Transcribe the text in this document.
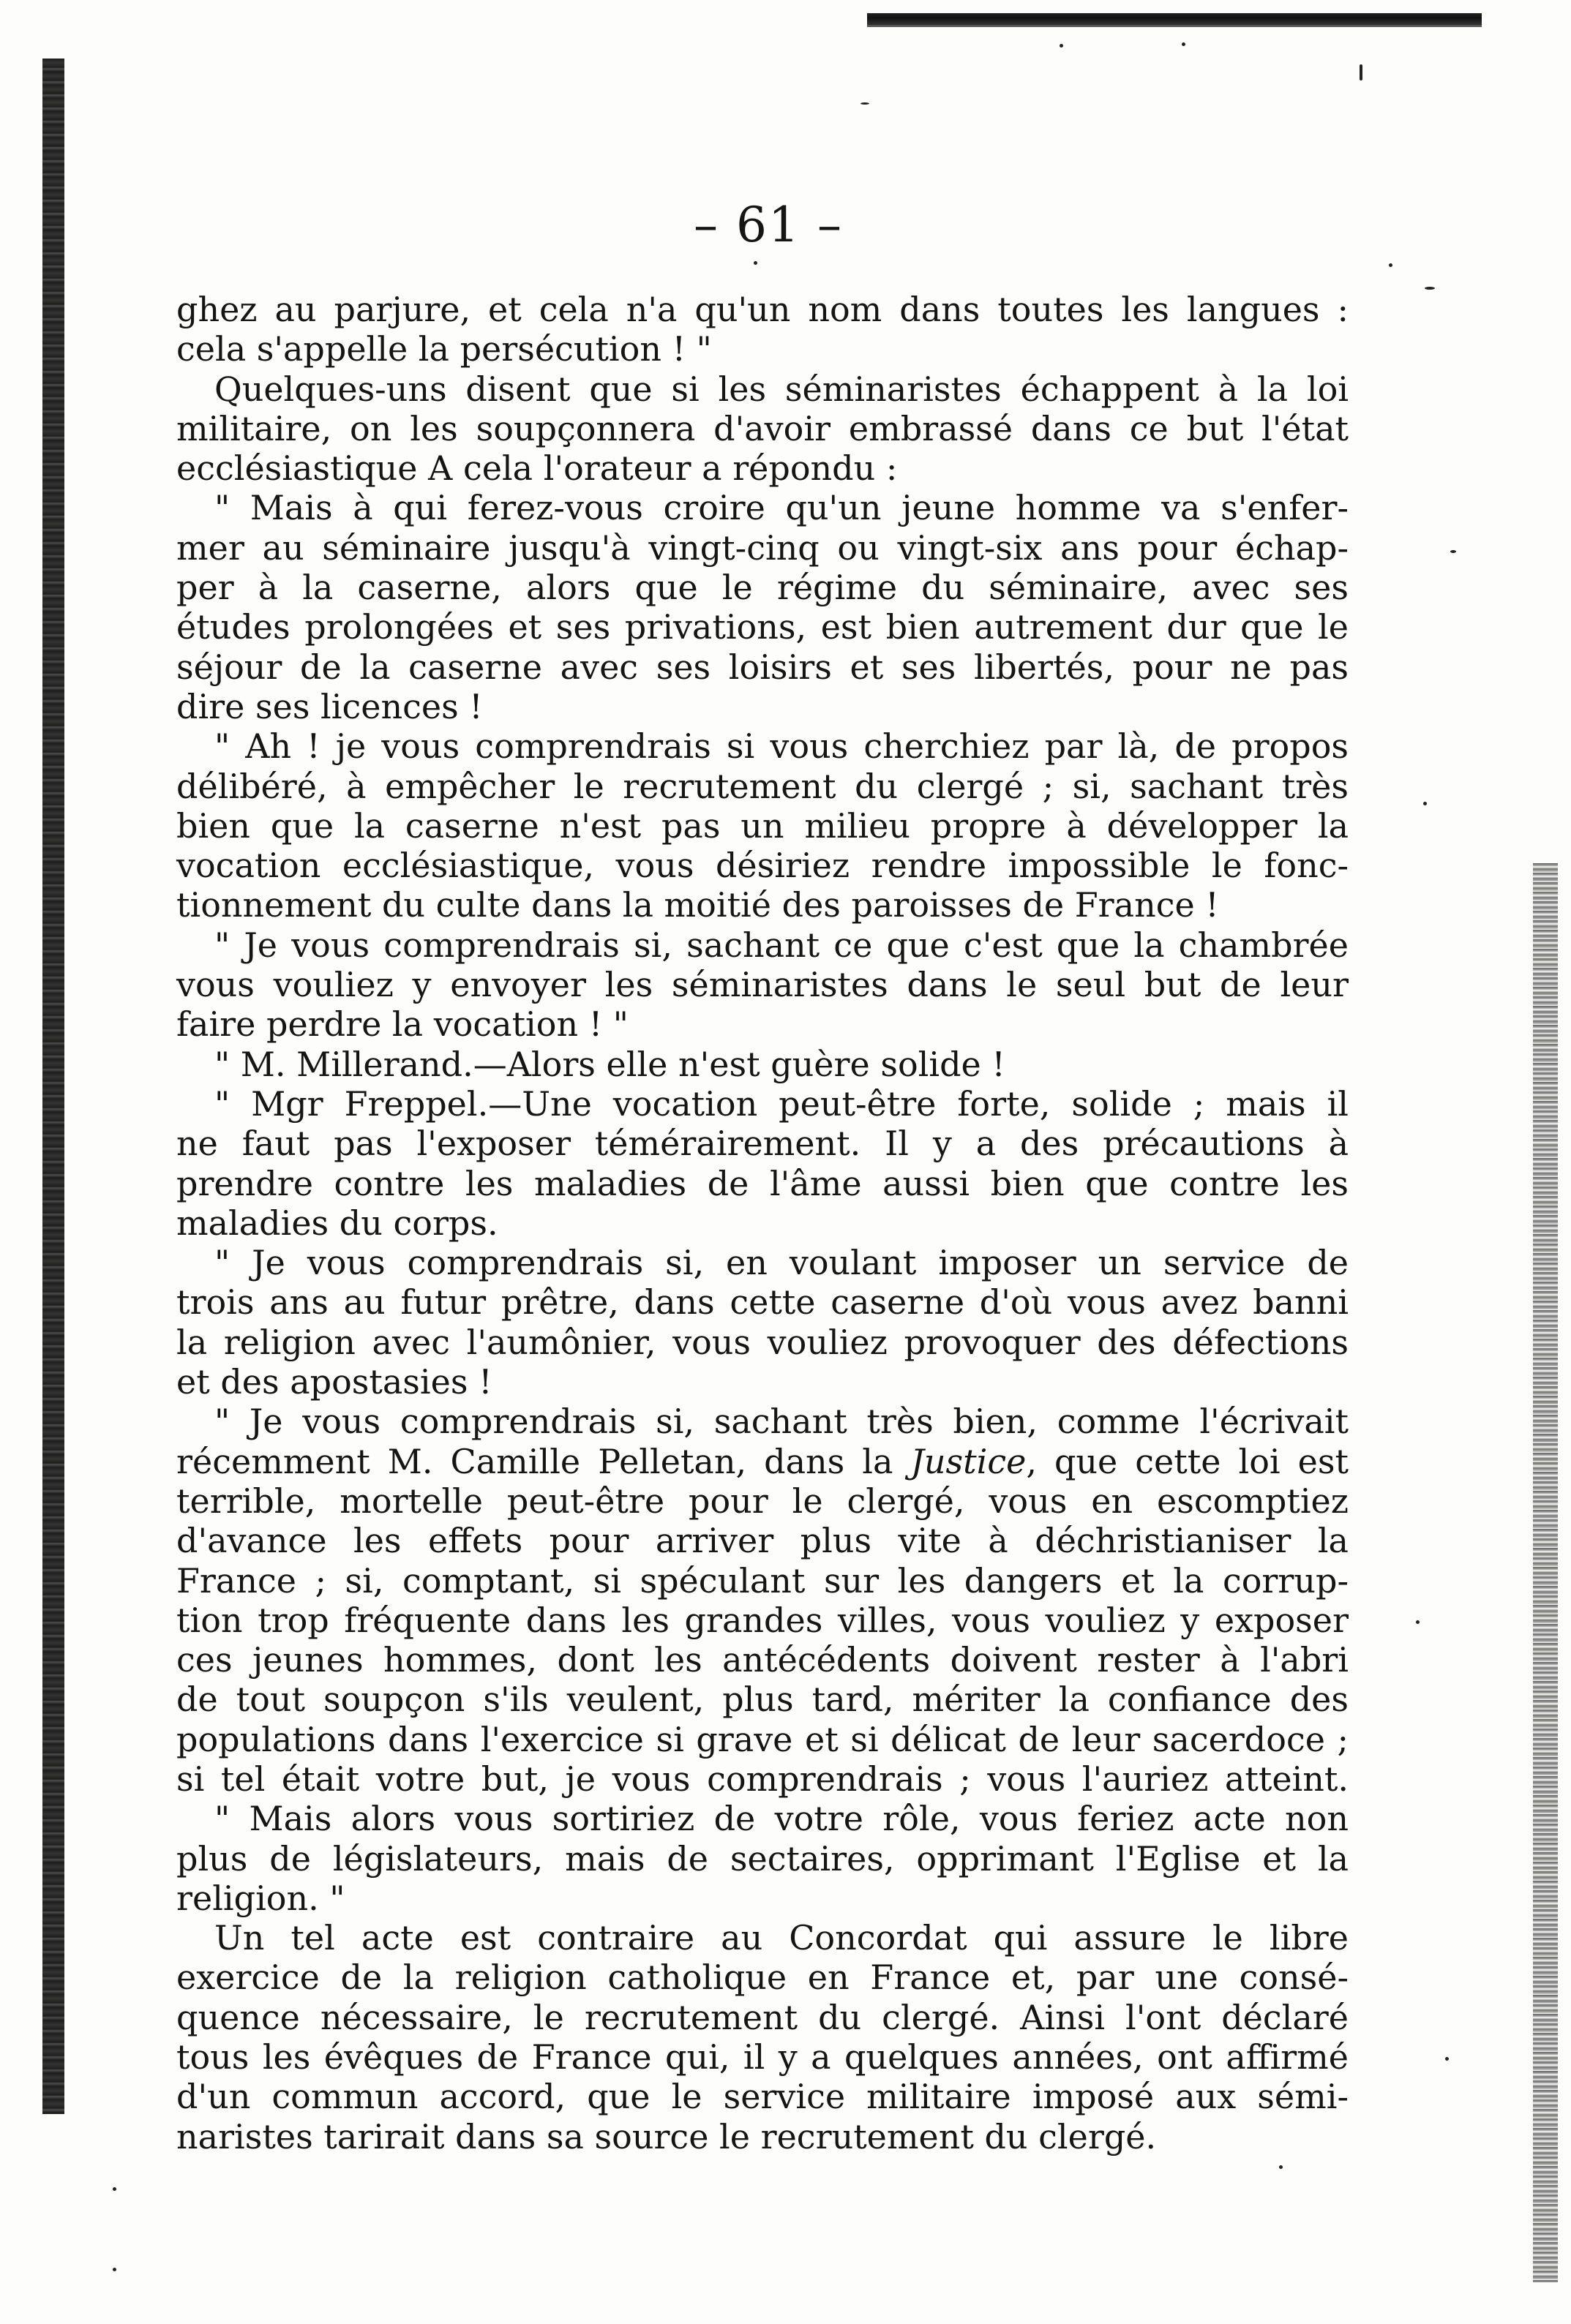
– 61 –
ghez au parjure, et cela n'a qu'un nom dans toutes les langues :
cela s'appelle la persécution ! "
Quelques-uns disent que si les séminaristes échappent à la loi
militaire, on les soupçonnera d'avoir embrassé dans ce but l'état
ecclésiastique A cela l'orateur a répondu :
" Mais à qui ferez-vous croire qu'un jeune homme va s'enfer-
mer au séminaire jusqu'à vingt-cinq ou vingt-six ans pour échap-
per à la caserne, alors que le régime du séminaire, avec ses
études prolongées et ses privations, est bien autrement dur que le
séjour de la caserne avec ses loisirs et ses libertés, pour ne pas
dire ses licences !
" Ah ! je vous comprendrais si vous cherchiez par là, de propos
délibéré, à empêcher le recrutement du clergé ; si, sachant très
bien que la caserne n'est pas un milieu propre à développer la
vocation ecclésiastique, vous désiriez rendre impossible le fonc-
tionnement du culte dans la moitié des paroisses de France !
" Je vous comprendrais si, sachant ce que c'est que la chambrée
vous vouliez y envoyer les séminaristes dans le seul but de leur
faire perdre la vocation ! "
" M. Millerand.—Alors elle n'est guère solide !
" Mgr Freppel.—Une vocation peut-être forte, solide ; mais il
ne faut pas l'exposer témérairement. Il y a des précautions à
prendre contre les maladies de l'âme aussi bien que contre les
maladies du corps.
" Je vous comprendrais si, en voulant imposer un service de
trois ans au futur prêtre, dans cette caserne d'où vous avez banni
la religion avec l'aumônier, vous vouliez provoquer des défections
et des apostasies !
" Je vous comprendrais si, sachant très bien, comme l'écrivait
récemment M. Camille Pelletan, dans la Justice, que cette loi est
terrible, mortelle peut-être pour le clergé, vous en escomptiez
d'avance les effets pour arriver plus vite à déchristianiser la
France ; si, comptant, si spéculant sur les dangers et la corrup-
tion trop fréquente dans les grandes villes, vous vouliez y exposer
ces jeunes hommes, dont les antécédents doivent rester à l'abri
de tout soupçon s'ils veulent, plus tard, mériter la confiance des
populations dans l'exercice si grave et si délicat de leur sacerdoce ;
si tel était votre but, je vous comprendrais ; vous l'auriez atteint.
" Mais alors vous sortiriez de votre rôle, vous feriez acte non
plus de législateurs, mais de sectaires, opprimant l'Eglise et la
religion. "
Un tel acte est contraire au Concordat qui assure le libre
exercice de la religion catholique en France et, par une consé-
quence nécessaire, le recrutement du clergé. Ainsi l'ont déclaré
tous les évêques de France qui, il y a quelques années, ont affirmé
d'un commun accord, que le service militaire imposé aux sémi-
naristes tarirait dans sa source le recrutement du clergé.
